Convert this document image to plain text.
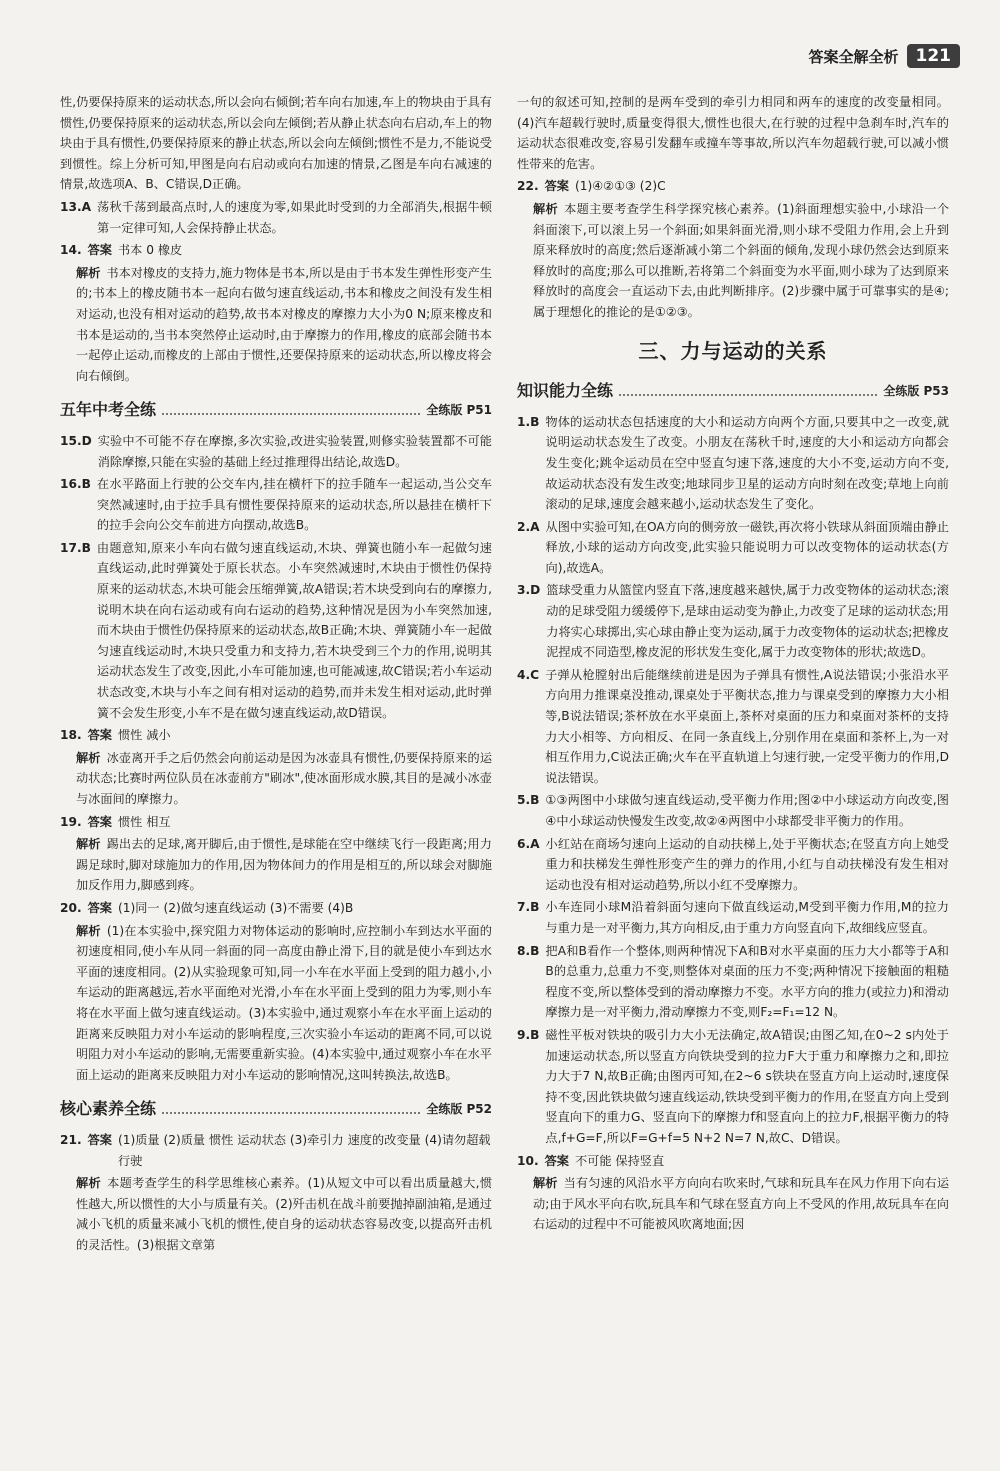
答案全解全析	121

性,仍要保持原来的运动状态,所以会向右倾倒;若车向右加速,车上的物块由于具有惯性,仍要保持原来的运动状态,所以会向左倾倒;若从静止状态向右启动,车上的物块由于具有惯性,仍要保持原来的静止状态,所以会向左倾倒;惯性不是力,不能说受到惯性。综上分析可知,甲图是向右启动或向右加速的情景,乙图是车向右减速的情景,故选项A、B、C错误,D正确。

13.A 荡秋千荡到最高点时,人的速度为零,如果此时受到的力全部消失,根据牛顿第一定律可知,人会保持静止状态。

14. 答案 书本 0 橡皮

解析 书本对橡皮的支持力,施力物体是书本,所以是由于书本发生弹性形变产生的;书本上的橡皮随书本一起向右做匀速直线运动,书本和橡皮之间没有发生相对运动,也没有相对运动的趋势,故书本对橡皮的摩擦力大小为0 N;原来橡皮和书本是运动的,当书本突然停止运动时,由于摩擦力的作用,橡皮的底部会随书本一起停止运动,而橡皮的上部由于惯性,还要保持原来的运动状态,所以橡皮将会向右倾倒。

五年中考全练	全练版 P51
15.D 实验中不可能不存在摩擦,多次实验,改进实验装置,则修实验装置都不可能消除摩擦,只能在实验的基础上经过推理得出结论,故选D。

16.B 在水平路面上行驶的公交车内,挂在横杆下的拉手随车一起运动,当公交车突然减速时,由于拉手具有惯性要保持原来的运动状态,所以悬挂在横杆下的拉手会向公交车前进方向摆动,故选B。

17.B 由题意知,原来小车向右做匀速直线运动,木块、弹簧也随小车一起做匀速直线运动,此时弹簧处于原长状态。小车突然减速时,木块由于惯性仍保持原来的运动状态,木块可能会压缩弹簧,故A错误;若木块受到向右的摩擦力,说明木块在向右运动或有向右运动的趋势,这种情况是因为小车突然加速,而木块由于惯性仍保持原来的运动状态,故B正确;木块、弹簧随小车一起做匀速直线运动时,木块只受重力和支持力,若木块受到三个力的作用,说明其运动状态发生了改变,因此,小车可能加速,也可能减速,故C错误;若小车运动状态改变,木块与小车之间有相对运动的趋势,而并未发生相对运动,此时弹簧不会发生形变,小车不是在做匀速直线运动,故D错误。

18. 答案 惯性 减小

解析 冰壶离开手之后仍然会向前运动是因为冰壶具有惯性,仍要保持原来的运动状态;比赛时两位队员在冰壶前方"刷冰",使冰面形成水膜,其目的是减小冰壶与冰面间的摩擦力。

19. 答案 惯性 相互

解析 踢出去的足球,离开脚后,由于惯性,是球能在空中继续飞行一段距离;用力踢足球时,脚对球施加力的作用,因为物体间力的作用是相互的,所以球会对脚施加反作用力,脚感到疼。

20. 答案 (1)同一 (2)做匀速直线运动 (3)不需要 (4)B

解析 (1)在本实验中,探究阻力对物体运动的影响时,应控制小车到达水平面的初速度相同,使小车从同一斜面的同一高度由静止滑下,目的就是使小车到达水平面的速度相同。(2)从实验现象可知,同一小车在水平面上受到的阻力越小,小车运动的距离越远,若水平面绝对光滑,小车在水平面上受到的阻力为零,则小车将在水平面上做匀速直线运动。(3)本实验中,通过观察小车在水平面上运动的距离来反映阻力对小车运动的影响程度,三次实验小车运动的距离不同,可以说明阻力对小车运动的影响,无需要重新实验。(4)本实验中,通过观察小车在水平面上运动的距离来反映阻力对小车运动的影响情况,这叫转换法,故选B。

核心素养全练	全练版 P52
21. 答案 (1)质量 (2)质量 惯性 运动状态 (3)牵引力 速度的改变量 (4)请勿超载行驶

解析 本题考查学生的科学思维核心素养。(1)从短文中可以看出质量越大,惯性越大,所以惯性的大小与质量有关。(2)歼击机在战斗前要抛掉副油箱,是通过减小飞机的质量来减小飞机的惯性,使自身的运动状态容易改变,以提高歼击机的灵活性。(3)根据文章第

一句的叙述可知,控制的是两车受到的牵引力相同和两车的速度的改变量相同。(4)汽车超载行驶时,质量变得很大,惯性也很大,在行驶的过程中急刹车时,汽车的运动状态很难改变,容易引发翻车或撞车等事故,所以汽车勿超载行驶,可以减小惯性带来的危害。

22. 答案 (1)④②①③ (2)C

解析 本题主要考查学生科学探究核心素养。(1)斜面理想实验中,小球沿一个斜面滚下,可以滚上另一个斜面;如果斜面光滑,则小球不受阻力作用,会上升到原来释放时的高度;然后逐渐减小第二个斜面的倾角,发现小球仍然会达到原来释放时的高度;那么可以推断,若将第二个斜面变为水平面,则小球为了达到原来释放时的高度会一直运动下去,由此判断排序。(2)步骤中属于可靠事实的是④;属于理想化的推论的是①②③。

三、力与运动的关系
知识能力全练	全练版 P53
1.B 物体的运动状态包括速度的大小和运动方向两个方面,只要其中之一改变,就说明运动状态发生了改变。小朋友在荡秋千时,速度的大小和运动方向都会发生变化;跳伞运动员在空中竖直匀速下落,速度的大小不变,运动方向不变,故运动状态没有发生改变;地球同步卫星的运动方向时刻在改变;草地上向前滚动的足球,速度会越来越小,运动状态发生了变化。

2.A 从图中实验可知,在OA方向的侧旁放一磁铁,再次将小铁球从斜面顶端由静止释放,小球的运动方向改变,此实验只能说明力可以改变物体的运动状态(方向),故选A。

3.D 篮球受重力从篮筐内竖直下落,速度越来越快,属于力改变物体的运动状态;滚动的足球受阻力缓缓停下,是球由运动变为静止,力改变了足球的运动状态;用力将实心球掷出,实心球由静止变为运动,属于力改变物体的运动状态;把橡皮泥捏成不同造型,橡皮泥的形状发生变化,属于力改变物体的形状;故选D。

4.C 子弹从枪膛射出后能继续前进是因为子弹具有惯性,A说法错误;小张沿水平方向用力推课桌没推动,课桌处于平衡状态,推力与课桌受到的摩擦力大小相等,B说法错误;茶杯放在水平桌面上,茶杯对桌面的压力和桌面对茶杯的支持力大小相等、方向相反、在同一条直线上,分别作用在桌面和茶杯上,为一对相互作用力,C说法正确;火车在平直轨道上匀速行驶,一定受平衡力的作用,D说法错误。

5.B ①③两图中小球做匀速直线运动,受平衡力作用;图②中小球运动方向改变,图④中小球运动快慢发生改变,故②④两图中小球都受非平衡力的作用。

6.A 小红站在商场匀速向上运动的自动扶梯上,处于平衡状态;在竖直方向上她受重力和扶梯发生弹性形变产生的弹力的作用,小红与自动扶梯没有发生相对运动也没有相对运动趋势,所以小红不受摩擦力。

7.B 小车连同小球M沿着斜面匀速向下做直线运动,M受到平衡力作用,M的拉力与重力是一对平衡力,其方向相反,由于重力方向竖直向下,故细线应竖直。

8.B 把A和B看作一个整体,则两种情况下A和B对水平桌面的压力大小都等于A和B的总重力,总重力不变,则整体对桌面的压力不变;两种情况下接触面的粗糙程度不变,所以整体受到的滑动摩擦力不变。水平方向的推力(或拉力)和滑动摩擦力是一对平衡力,滑动摩擦力不变,则F₂=F₁=12 N。

9.B 磁性平板对铁块的吸引力大小无法确定,故A错误;由图乙知,在0~2 s内处于加速运动状态,所以竖直方向铁块受到的拉力F大于重力和摩擦力之和,即拉力大于7 N,故B正确;由图丙可知,在2~6 s铁块在竖直方向上运动时,速度保持不变,因此铁块做匀速直线运动,铁块受到平衡力的作用,在竖直方向上受到竖直向下的重力G、竖直向下的摩擦力f和竖直向上的拉力F,根据平衡力的特点,f+G=F,所以F=G+f=5 N+2 N=7 N,故C、D错误。

10. 答案 不可能 保持竖直

解析 当有匀速的风沿水平方向向右吹来时,气球和玩具车在风力作用下向右运动;由于风水平向右吹,玩具车和气球在竖直方向上不受风的作用,故玩具车在向右运动的过程中不可能被风吹离地面;因
